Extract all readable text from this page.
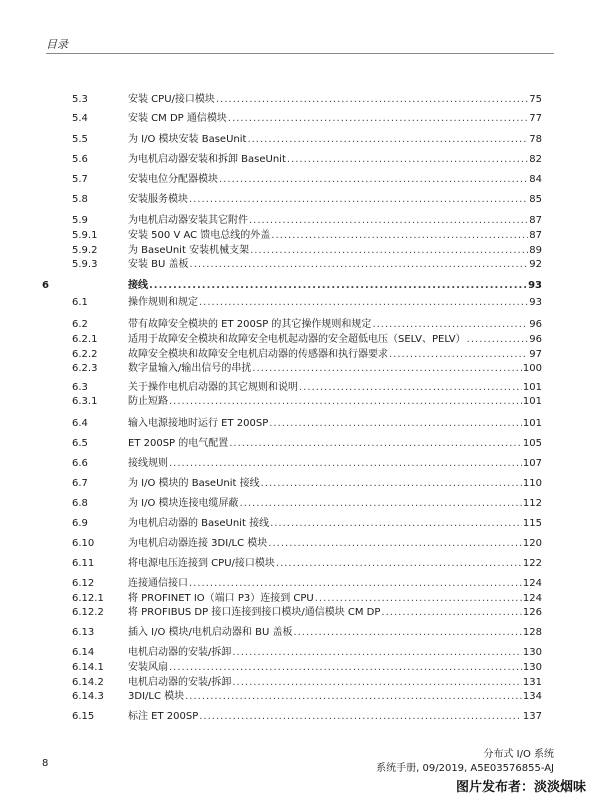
目录
5.3	安装 CPU/接口模块 .....	75
5.4	安装 CM DP 通信模块 .....	77
5.5	为 I/O 模块安装 BaseUnit .....	78
5.6	为电机启动器安装和拆卸 BaseUnit .....	82
5.7	安装电位分配器模块 .....	84
5.8	安装服务模块 .....	85
5.9	为电机启动器安装其它附件 .....	87
5.9.1	安装 500 V AC 馈电总线的外盖 .....	87
5.9.2	为 BaseUnit 安装机械支架 .....	89
5.9.3	安装 BU 盖板 .....	92
6	接线 .....	93
6.1	操作规则和规定 .....	93
6.2	带有故障安全模块的 ET 200SP 的其它操作规则和规定 .....	96
6.2.1	适用于故障安全模块和故障安全电机起动器的安全超低电压（SELV、PELV） .....	96
6.2.2	故障安全模块和故障安全电机启动器的传感器和执行器要求 .....	97
6.2.3	数字量输入/输出信号的串扰 .....	100
6.3	关于操作电机启动器的其它规则和说明 .....	101
6.3.1	防止短路 .....	101
6.4	输入电源接地时运行 ET 200SP .....	101
6.5	ET 200SP 的电气配置 .....	105
6.6	接线规则 .....	107
6.7	为 I/O 模块的 BaseUnit 接线 .....	110
6.8	为 I/O 模块连接电缆屏蔽 .....	112
6.9	为电机启动器的 BaseUnit 接线 .....	115
6.10	为电机启动器连接 3DI/LC 模块 .....	120
6.11	将电源电压连接到 CPU/接口模块 .....	122
6.12	连接通信接口 .....	124
6.12.1	将 PROFINET IO（端口 P3）连接到 CPU .....	124
6.12.2	将 PROFIBUS DP 接口连接到接口模块/通信模块 CM DP .....	126
6.13	插入 I/O 模块/电机启动器和 BU 盖板 .....	128
6.14	电机启动器的安装/拆卸 .....	130
6.14.1	安装风扇 .....	130
6.14.2	电机启动器的安装/拆卸 .....	131
6.14.3	3DI/LC 模块 .....	134
6.15	标注 ET 200SP .....	137
8
分布式 I/O 系统
系统手册, 09/2019, A5E03576855-AJ
图片发布者：淡淡烟味
